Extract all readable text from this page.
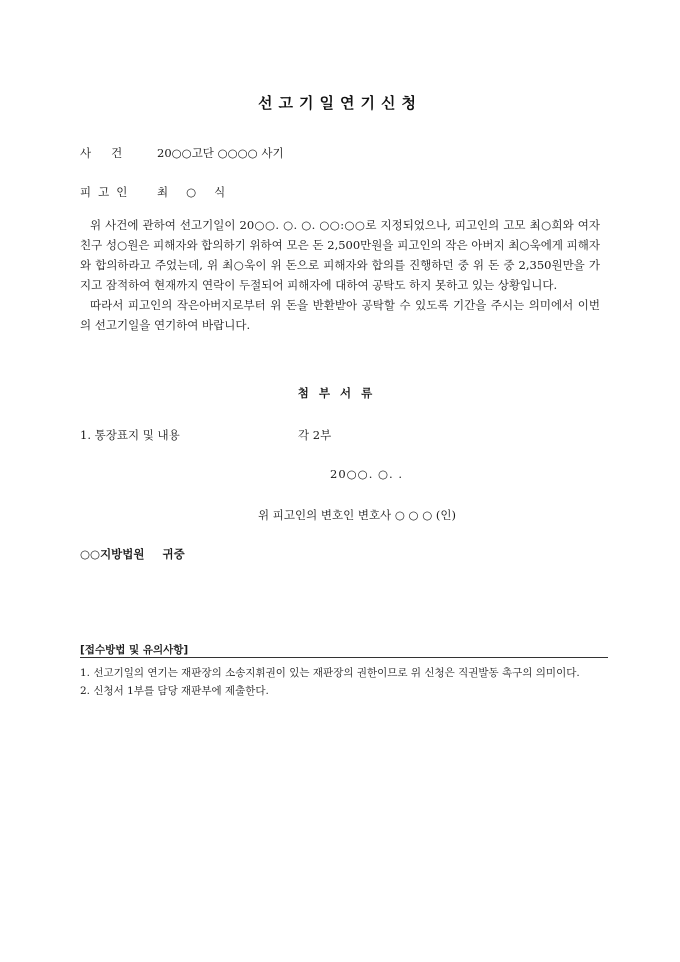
선고기일연기신청
사건 20○○고단 ○○○○ 사기
피고인 최○식

위 사건에 관하여 선고기일이 20○○. ○. ○. ○○:○○로 지정되었으나, 피고인의 고모 최○희와 여자친구 성○원은 피해자와 합의하기 위하여 모은 돈 2,500만원을 피고인의 작은 아버지 최○욱에게 피해자와 합의하라고 주었는데, 위 최○욱이 위 돈으로 피해자와 합의를 진행하던 중 위 돈 중 2,350원만을 가지고 잠적하여 현재까지 연락이 두절되어 피해자에 대하여 공탁도 하지 못하고 있는 상황입니다.

따라서 피고인의 작은아버지로부터 위 돈을 반환받아 공탁할 수 있도록 기간을 주시는 의미에서 이번의 선고기일을 연기하여 바랍니다.

첨부서류
1. 통장표지 및 내용	각 2부
20○○. ○. .
위 피고인의 변호인 변호사 ○ ○ ○ (인)
○○지방법원 귀중
[접수방법 및 유의사항]

1. 선고기일의 연기는 재판장의 소송지휘권이 있는 재판장의 권한이므로 위 신청은 직권발동 촉구의 의미이다.

2. 신청서 1부를 담당 재판부에 제출한다.
